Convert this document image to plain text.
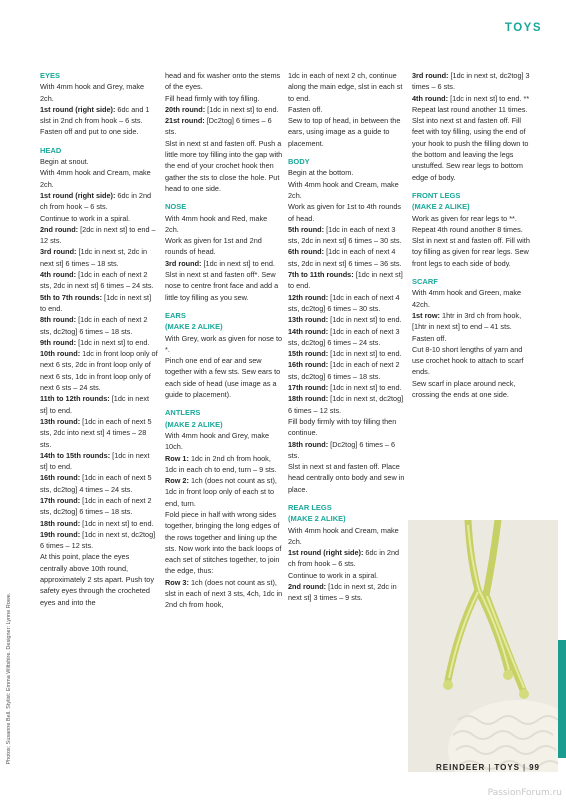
TOYS
Photos: Susanne Bell. Stylist: Emma Wiltshire. Designer: Lynne Rowe.
EYES

With 4mm hook and Grey, make 2ch.

1st round (right side): 6dc and 1 slst in 2nd ch from hook – 6 sts.

Fasten off and put to one side.

HEAD

Begin at snout.

With 4mm hook and Cream, make 2ch.

1st round (right side): 6dc in 2nd ch from hook – 6 sts.

Continue to work in a spiral.

2nd round: [2dc in next st] to end – 12 sts.

3rd round: [1dc in next st, 2dc in next st] 6 times – 18 sts.

4th round: [1dc in each of next 2 sts, 2dc in next st] 6 times – 24 sts.

5th to 7th rounds: [1dc in next st] to end.

8th round: [1dc in each of next 2 sts, dc2tog] 6 times – 18 sts.

9th round: [1dc in next st] to end.

10th round: 1dc in front loop only of next 6 sts, 2dc in front loop only of next 6 sts, 1dc in front loop only of next 6 sts – 24 sts.

11th to 12th rounds: [1dc in next st] to end.

13th round: [1dc in each of next 5 sts, 2dc into next st] 4 times – 28 sts.

14th to 15th rounds: [1dc in next st] to end.

16th round: [1dc in each of next 5 sts, dc2tog] 4 times – 24 sts.

17th round: [1dc in each of next 2 sts, dc2tog] 6 times – 18 sts.

18th round: [1dc in next st] to end.

19th round: [1dc in next st, dc2tog] 6 times – 12 sts.

At this point, place the eyes centrally above 10th round, approximately 2 sts apart. Push toy safety eyes through the crocheted eyes and into the

head and fix washer onto the stems of the eyes.

Fill head firmly with toy filling.

20th round: [1dc in next st] to end.

21st round: [Dc2tog] 6 times – 6 sts.

Slst in next st and fasten off. Push a little more toy filling into the gap with the end of your crochet hook then gather the sts to close the hole. Put head to one side.

NOSE

With 4mm hook and Red, make 2ch.

Work as given for 1st and 2nd rounds of head.

3rd round: [1dc in next st] to end.

Slst in next st and fasten off*. Sew nose to centre front face and add a little toy filling as you sew.

EARS
(MAKE 2 ALIKE)

With Grey, work as given for nose to *.

Pinch one end of ear and sew together with a few sts. Sew ears to each side of head (use image as a guide to placement).

ANTLERS
(MAKE 2 ALIKE)

With 4mm hook and Grey, make 10ch.

Row 1: 1dc in 2nd ch from hook, 1dc in each ch to end, turn – 9 sts.

Row 2: 1ch (does not count as st), 1dc in front loop only of each st to end, turn.

Fold piece in half with wrong sides together, bringing the long edges of the rows together and lining up the sts. Now work into the back loops of each set of stitches together, to join the edge, thus:

Row 3: 1ch (does not count as st), slst in each of next 3 sts, 4ch, 1dc in 2nd ch from hook,

1dc in each of next 2 ch, continue along the main edge, slst in each st to end.

Fasten off.

Sew to top of head, in between the ears, using image as a guide to placement.

BODY

Begin at the bottom.

With 4mm hook and Cream, make 2ch.

Work as given for 1st to 4th rounds of head.

5th round: [1dc in each of next 3 sts, 2dc in next st] 6 times – 30 sts.

6th round: [1dc in each of next 4 sts, 2dc in next st] 6 times – 36 sts.

7th to 11th rounds: [1dc in next st] to end.

12th round: [1dc in each of next 4 sts, dc2tog] 6 times – 30 sts.

13th round: [1dc in next st] to end.

14th round: [1dc in each of next 3 sts, dc2tog] 6 times – 24 sts.

15th round: [1dc in next st] to end.

16th round: [1dc in each of next 2 sts, dc2tog] 6 times – 18 sts.

17th round: [1dc in next st] to end.

18th round: [1dc in next st, dc2tog] 6 times – 12 sts.

Fill body firmly with toy filling then continue.

18th round: [Dc2tog] 6 times – 6 sts.

Slst in next st and fasten off. Place head centrally onto body and sew in place.

REAR LEGS
(MAKE 2 ALIKE)

With 4mm hook and Cream, make 2ch.

1st round (right side): 6dc in 2nd ch from hook – 6 sts.

Continue to work in a spiral.

2nd round: [1dc in next st, 2dc in next st] 3 times – 9 sts.

3rd round: [1dc in next st, dc2tog] 3 times – 6 sts.

4th round: [1dc in next st] to end. **

Repeat last round another 11 times.

Slst into next st and fasten off. Fill feet with toy filling, using the end of your hook to push the filling down to the bottom and leaving the legs unstuffed. Sew rear legs to bottom edge of body.

FRONT LEGS
(MAKE 2 ALIKE)

Work as given for rear legs to **.

Repeat 4th round another 8 times.

Slst in next st and fasten off. Fill with toy filling as given for rear legs. Sew front legs to each side of body.

SCARF

With 4mm hook and Green, make 42ch.

1st row: 1htr in 3rd ch from hook, [1htr in next st] to end – 41 sts.

Fasten off.

Cut 8-10 short lengths of yarn and use crochet hook to attach to scarf ends.

Sew scarf in place around neck, crossing the ends at one side.

REINDEER | TOYS | 99
PassionForum.ru
